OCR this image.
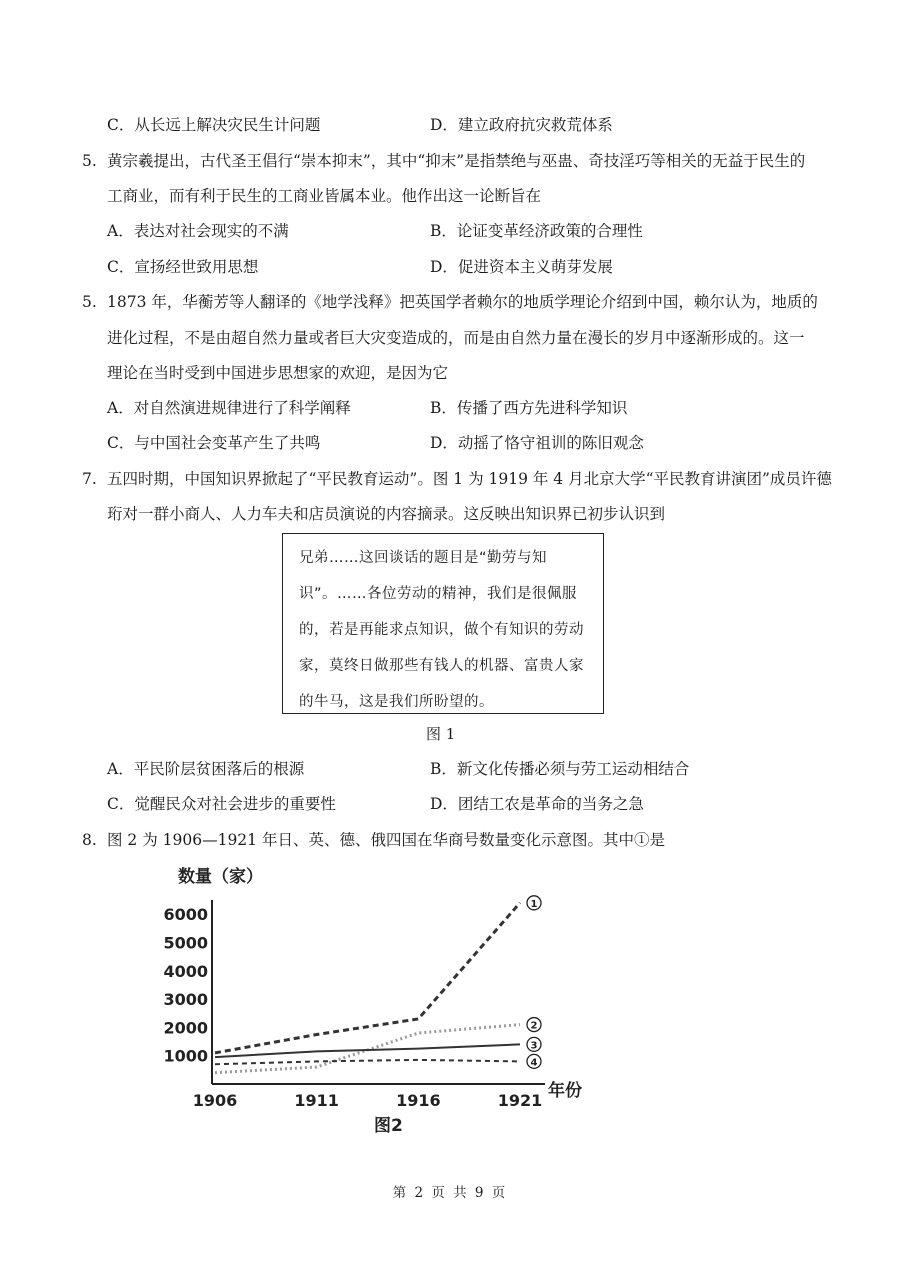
C．从长远上解决灾民生计问题	D．建立政府抗灾救荒体系
5. 黄宗羲提出，古代圣王倡行“崇本抑末”，其中“抑末”是指禁绝与巫蛊、奇技淫巧等相关的无益于民生的
工商业，而有利于民生的工商业皆属本业。他作出这一论断旨在
A．表达对社会现实的不满	B．论证变革经济政策的合理性
C．宣扬经世致用思想	D．促进资本主义萌芽发展
5. 1873 年，华蘅芳等人翻译的《地学浅释》把英国学者赖尔的地质学理论介绍到中国，赖尔认为，地质的
进化过程，不是由超自然力量或者巨大灾变造成的，而是由自然力量在漫长的岁月中逐渐形成的。这一
理论在当时受到中国进步思想家的欢迎，是因为它
A．对自然演进规律进行了科学阐释	B．传播了西方先进科学知识
C．与中国社会变革产生了共鸣	D．动摇了恪守祖训的陈旧观念
7. 五四时期，中国知识界掀起了“平民教育运动”。图 1 为 1919 年 4 月北京大学“平民教育讲演团”成员许德
珩对一群小商人、人力车夫和店员演说的内容摘录。这反映出知识界已初步认识到
兄弟……这回谈话的题目是“勤劳与知
识”。……各位劳动的精神，我们是很佩服
的，若是再能求点知识，做个有知识的劳动
家，莫终日做那些有钱人的机器、富贵人家
的牛马，这是我们所盼望的。
图 1
A．平民阶层贫困落后的根源	B．新文化传播必须与劳工运动相结合
C．觉醒民众对社会进步的重要性	D．团结工农是革命的当务之急
8. 图 2 为 1906—1921 年日、英、德、俄四国在华商号数量变化示意图。其中①是
数量（家）
1000
2000
3000
4000
5000
6000
1906	1911	1916	1921
1
2
3
4
年份
图2
第 2 页 共 9 页
